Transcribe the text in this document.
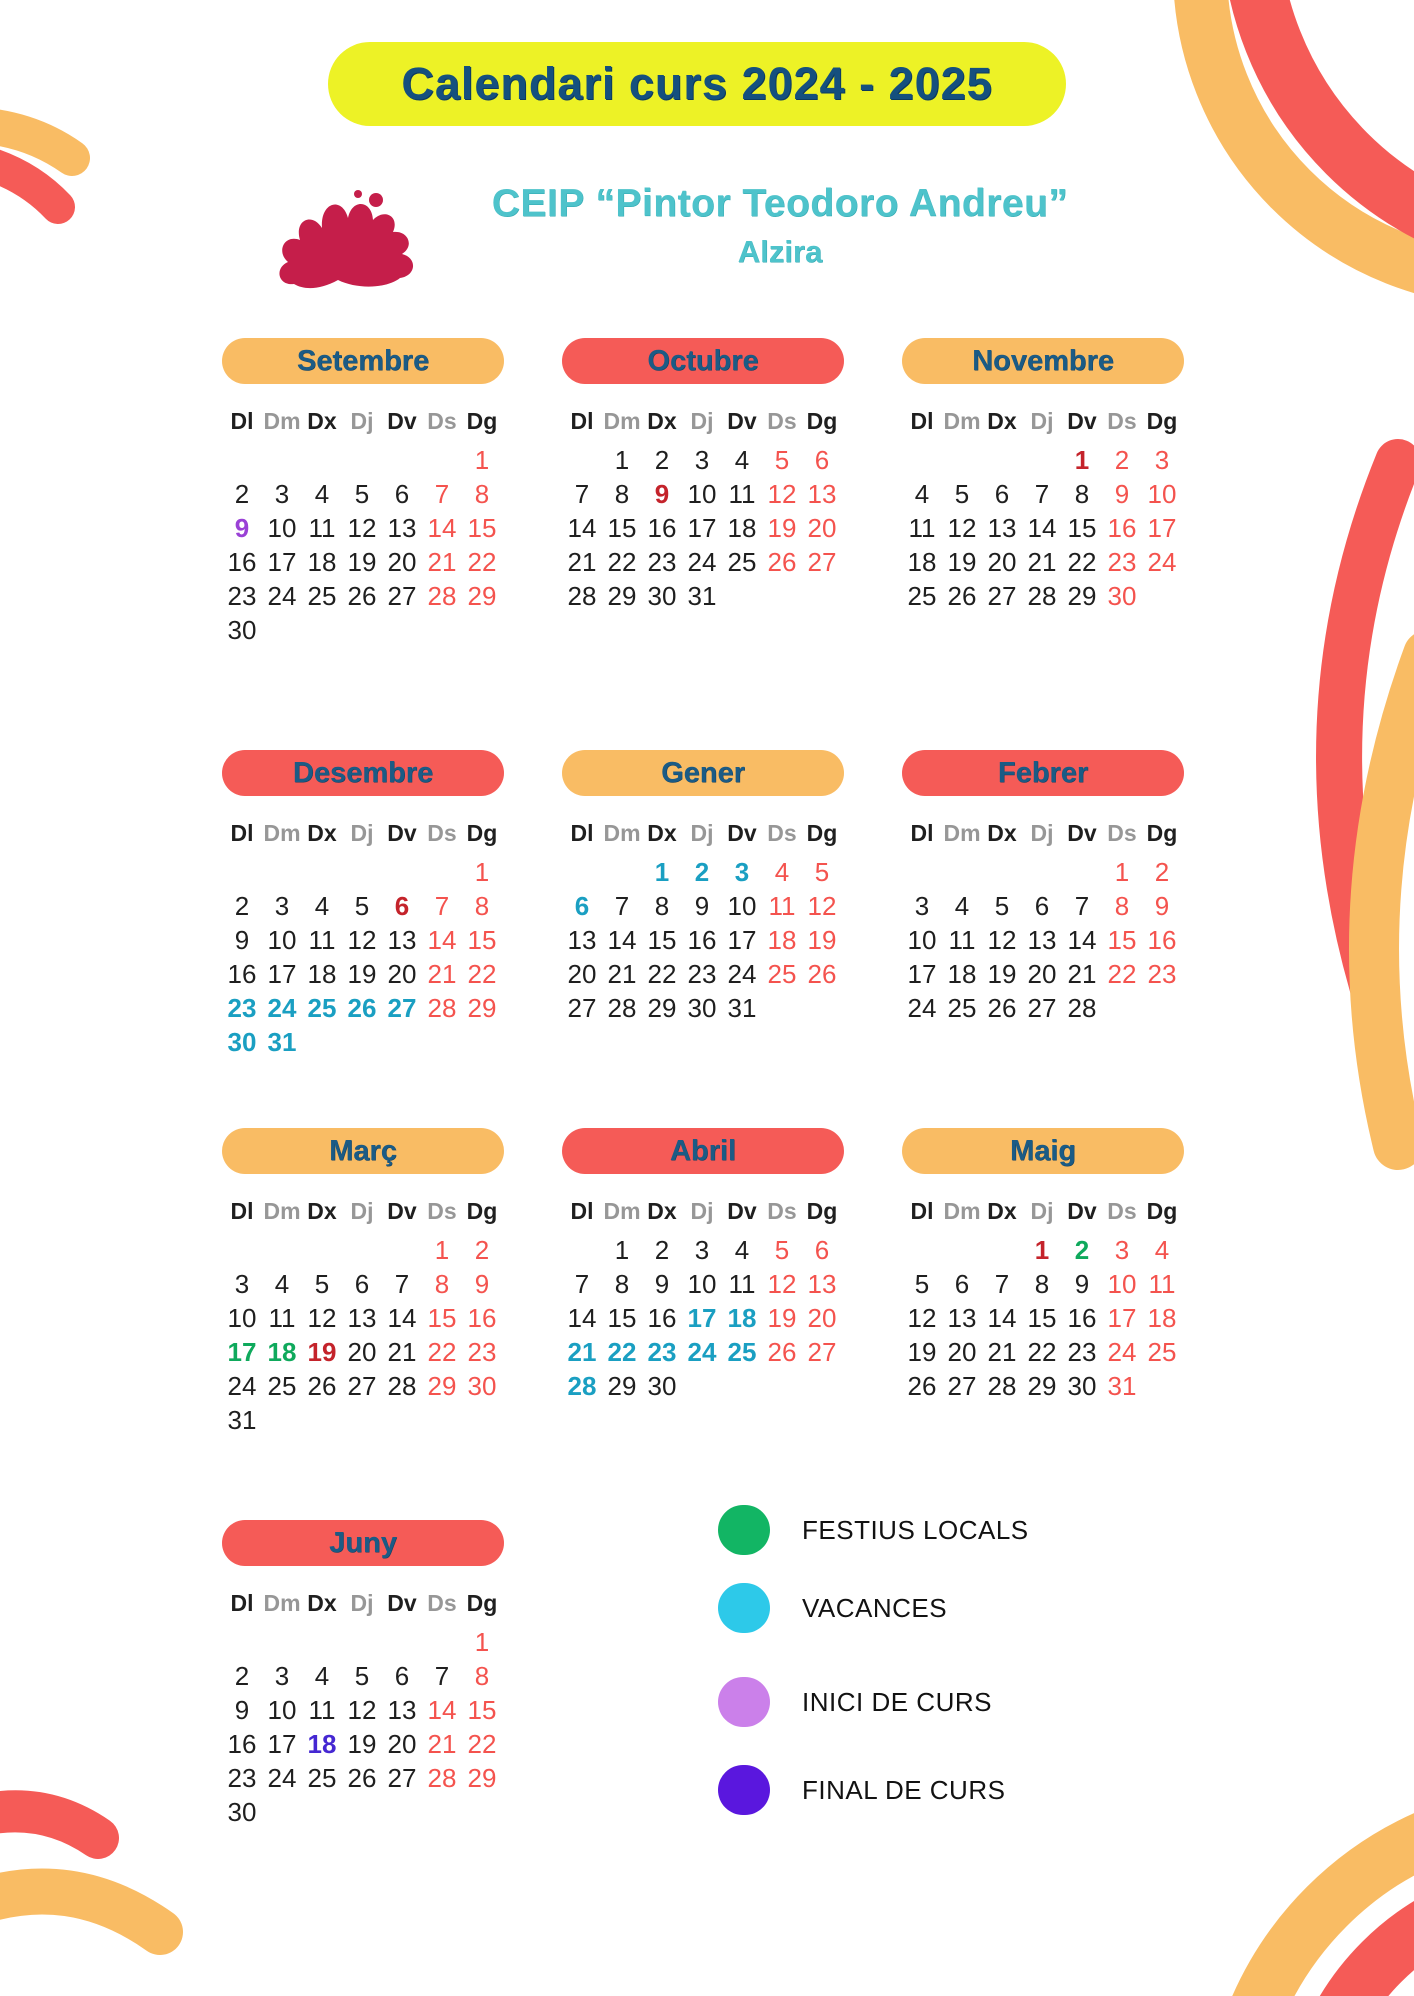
Calendari curs 2024 - 2025
CEIP “Pintor Teodoro Andreu”
Alzira
Setembre
Dl Dm Dx Dj Dv Ds Dg
1
2 3 4 5 6 7 8
9 10 11 12 13 14 15
16 17 18 19 20 21 22
23 24 25 26 27 28 29
30
Octubre
Dl Dm Dx Dj Dv Ds Dg
1 2 3 4 5 6
7 8 9 10 11 12 13
14 15 16 17 18 19 20
21 22 23 24 25 26 27
28 29 30 31
Novembre
Dl Dm Dx Dj Dv Ds Dg
1 2 3
4 5 6 7 8 9 10
11 12 13 14 15 16 17
18 19 20 21 22 23 24
25 26 27 28 29 30
Desembre
Dl Dm Dx Dj Dv Ds Dg
1
2 3 4 5 6 7 8
9 10 11 12 13 14 15
16 17 18 19 20 21 22
23 24 25 26 27 28 29
30 31
Gener
Dl Dm Dx Dj Dv Ds Dg
1 2 3 4 5
6 7 8 9 10 11 12
13 14 15 16 17 18 19
20 21 22 23 24 25 26
27 28 29 30 31
Febrer
Dl Dm Dx Dj Dv Ds Dg
1 2
3 4 5 6 7 8 9
10 11 12 13 14 15 16
17 18 19 20 21 22 23
24 25 26 27 28
Març
Dl Dm Dx Dj Dv Ds Dg
1 2
3 4 5 6 7 8 9
10 11 12 13 14 15 16
17 18 19 20 21 22 23
24 25 26 27 28 29 30
31
Abril
Dl Dm Dx Dj Dv Ds Dg
1 2 3 4 5 6
7 8 9 10 11 12 13
14 15 16 17 18 19 20
21 22 23 24 25 26 27
28 29 30
Maig
Dl Dm Dx Dj Dv Ds Dg
1 2 3 4
5 6 7 8 9 10 11
12 13 14 15 16 17 18
19 20 21 22 23 24 25
26 27 28 29 30 31
Juny
Dl Dm Dx Dj Dv Ds Dg
1
2 3 4 5 6 7 8
9 10 11 12 13 14 15
16 17 18 19 20 21 22
23 24 25 26 27 28 29
30
FESTIUS LOCALS
VACANCES
INICI DE CURS
FINAL DE CURS
